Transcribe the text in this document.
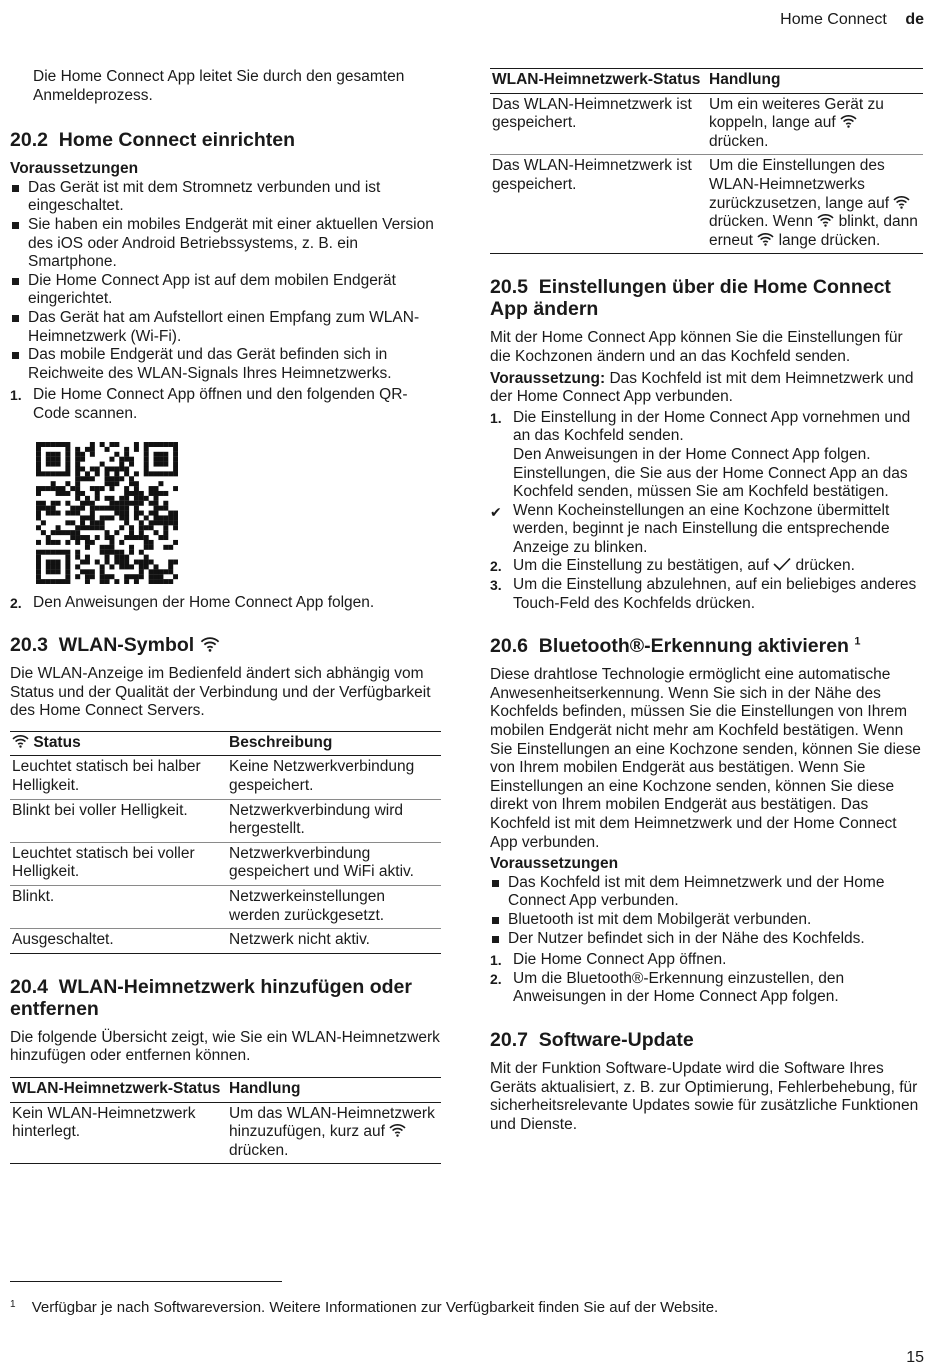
Home Connect de

Die Home Connect App leitet Sie durch den gesamten Anmeldeprozess.

20.2 Home Connect einrichten

Voraussetzungen

Das Gerät ist mit dem Stromnetz verbunden und ist eingeschaltet.
Sie haben ein mobiles Endgerät mit einer aktuellen Version des iOS oder Android Betriebssystems, z. B. ein Smartphone.
Die Home Connect App ist auf dem mobilen Endgerät eingerichtet.
Das Gerät hat am Aufstellort einen Empfang zum WLAN-Heimnetzwerk (Wi-Fi).
Das mobile Endgerät und das Gerät befinden sich in Reichweite des WLAN-Signals Ihres Heimnetzwerks.
1. Die Home Connect App öffnen und den folgenden QR-Code scannen.
2. Den Anweisungen der Home Connect App folgen.
20.3 WLAN-Symbol

Die WLAN-Anzeige im Bedienfeld ändert sich abhängig vom Status und der Qualität der Verbindung und der Verfügbarkeit des Home Connect Servers.

Status	Beschreibung
Leuchtet statisch bei halber Helligkeit.	Keine Netzwerkverbindung gespeichert.
Blinkt bei voller Helligkeit.	Netzwerkverbindung wird hergestellt.
Leuchtet statisch bei voller Helligkeit.	Netzwerkverbindung gespeichert und WiFi aktiv.
Blinkt.	Netzwerkeinstellungen werden zurückgesetzt.
Ausgeschaltet.	Netzwerk nicht aktiv.
20.4 WLAN-Heimnetzwerk hinzufügen oder entfernen

Die folgende Übersicht zeigt, wie Sie ein WLAN-Heimnetzwerk hinzufügen oder entfernen können.

WLAN-Heimnetzwerk-Status	Handlung
Kein WLAN-Heimnetzwerk hinterlegt.	Um das WLAN-Heimnetzwerk hinzuzufügen, kurz auf  drücken.
WLAN-Heimnetzwerk-Status	Handlung
Das WLAN-Heimnetzwerk ist gespeichert.	Um ein weiteres Gerät zu koppeln, lange auf  drücken.
Das WLAN-Heimnetzwerk ist gespeichert.	Um die Einstellungen des WLAN-Heimnetzwerks zurückzusetzen, lange auf  drücken. Wenn blinkt, dann erneut lange drücken.
20.5 Einstellungen über die Home Connect App ändern

Mit der Home Connect App können Sie die Einstellungen für die Kochzonen ändern und an das Kochfeld senden.

Voraussetzung: Das Kochfeld ist mit dem Heimnetzwerk und der Home Connect App verbunden.

1. Die Einstellung in der Home Connect App vornehmen und an das Kochfeld senden.
Den Anweisungen in der Home Connect App folgen.
Einstellungen, die Sie aus der Home Connect App an das Kochfeld senden, müssen Sie am Kochfeld bestätigen.
✔ Wenn Kocheinstellungen an eine Kochzone übermittelt werden, beginnt je nach Einstellung die entsprechende Anzeige zu blinken.
2. Um die Einstellung zu bestätigen, auf drücken.
3. Um die Einstellung abzulehnen, auf ein beliebiges anderes Touch-Feld des Kochfelds drücken.
20.6 Bluetooth®-Erkennung aktivieren $^1$

Diese drahtlose Technologie ermöglicht eine automatische Anwesenheitserkennung. Wenn Sie sich in der Nähe des Kochfelds befinden, müssen Sie die Einstellungen von Ihrem mobilen Endgerät nicht mehr am Kochfeld bestätigen. Wenn Sie Einstellungen an eine Kochzone senden, können Sie diese von Ihrem mobilen Endgerät aus bestätigen. Wenn Sie Einstellungen an eine Kochzone senden, können Sie diese direkt von Ihrem mobilen Endgerät aus bestätigen. Das Kochfeld ist mit dem Heimnetzwerk und der Home Connect App verbunden.

Voraussetzungen

Das Kochfeld ist mit dem Heimnetzwerk und der Home Connect App verbunden.
Bluetooth ist mit dem Mobilgerät verbunden.
Der Nutzer befindet sich in der Nähe des Kochfelds.
1. Die Home Connect App öffnen.
2. Um die Bluetooth®-Erkennung einzustellen, den Anweisungen in der Home Connect App folgen.
20.7 Software-Update

Mit der Funktion Software-Update wird die Software Ihres Geräts aktualisiert, z. B. zur Optimierung, Fehlerbehebung, für sicherheitsrelevante Updates sowie für zusätzliche Funktionen und Dienste.

$^1$ Verfügbar je nach Softwareversion. Weitere Informationen zur Verfügbarkeit finden Sie auf der Website.
15
